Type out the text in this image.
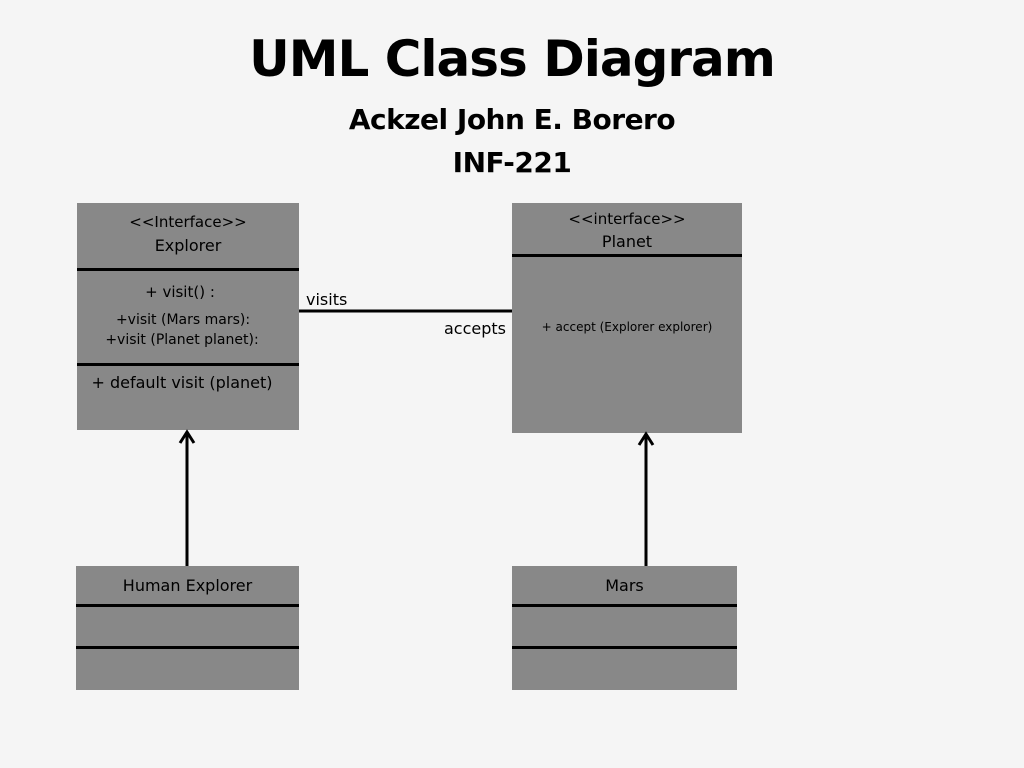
UML Class Diagram
Ackzel John E. Borero
INF-221
<<Interface>>
Explorer
+ visit() :
+visit (Mars mars):
+visit (Planet planet):
+ default visit (planet)
<<interface>>
Planet
+ accept (Explorer explorer)
Human Explorer	Mars
visits
accepts
